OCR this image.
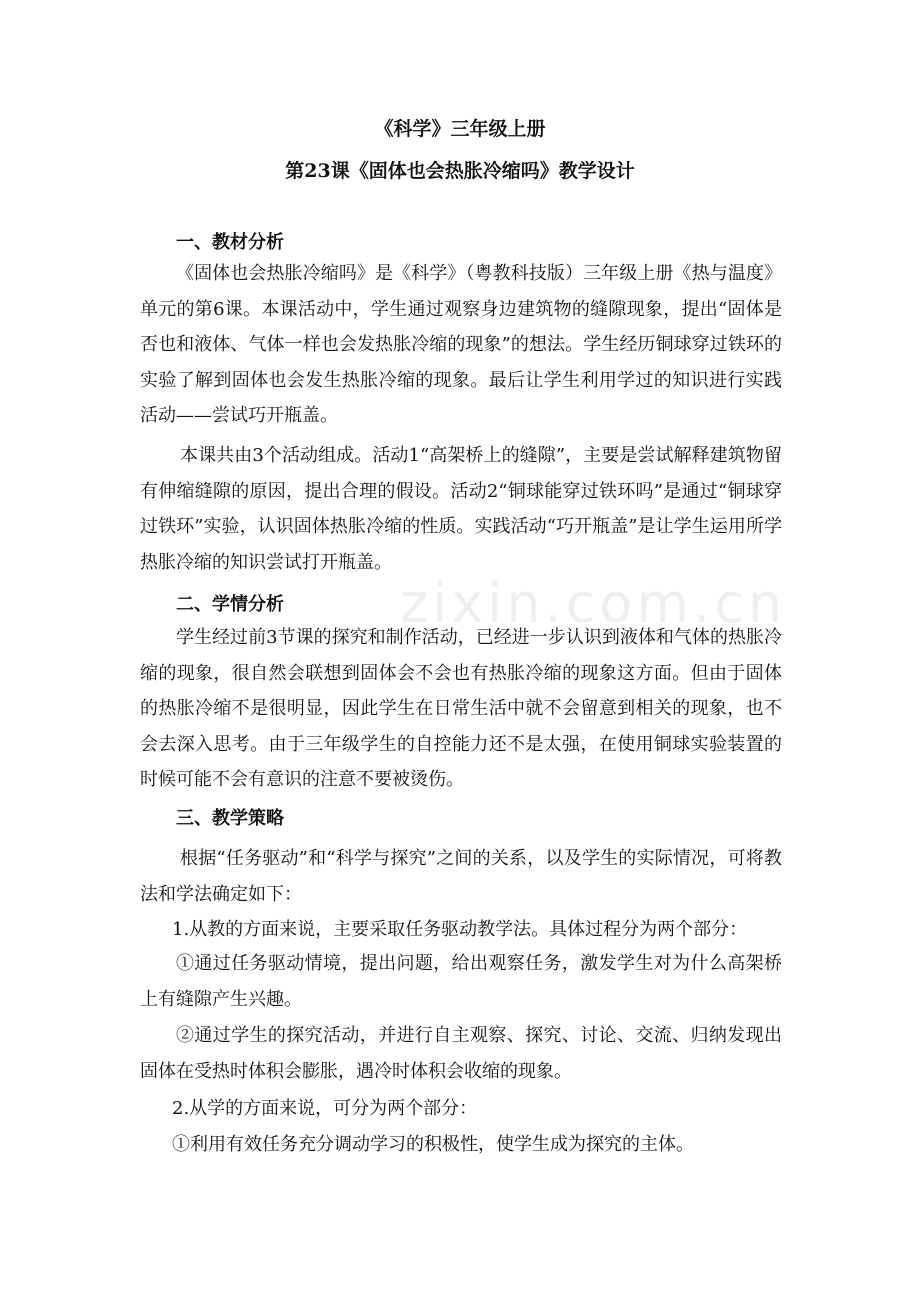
zixin.com.cn
《科学》三年级上册
第23课《固体也会热胀冷缩吗》教学设计
一、教材分析

《固体也会热胀冷缩吗》是《科学》（粤教科技版）三年级上册《热与温度》单元的第6课。本课活动中，学生通过观察身边建筑物的缝隙现象，提出“固体是否也和液体、气体一样也会发热胀冷缩的现象”的想法。学生经历铜球穿过铁环的实验了解到固体也会发生热胀冷缩的现象。最后让学生利用学过的知识进行实践活动——尝试巧开瓶盖。

本课共由3个活动组成。活动1“高架桥上的缝隙”，主要是尝试解释建筑物留有伸缩缝隙的原因，提出合理的假设。活动2“铜球能穿过铁环吗”是通过“铜球穿过铁环”实验，认识固体热胀冷缩的性质。实践活动“巧开瓶盖”是让学生运用所学热胀冷缩的知识尝试打开瓶盖。

二、学情分析

学生经过前3节课的探究和制作活动，已经进一步认识到液体和气体的热胀冷缩的现象，很自然会联想到固体会不会也有热胀冷缩的现象这方面。但由于固体的热胀冷缩不是很明显，因此学生在日常生活中就不会留意到相关的现象，也不会去深入思考。由于三年级学生的自控能力还不是太强，在使用铜球实验装置的时候可能不会有意识的注意不要被烫伤。

三、教学策略

根据“任务驱动”和“科学与探究”之间的关系，以及学生的实际情况，可将教法和学法确定如下：

1.从教的方面来说，主要采取任务驱动教学法。具体过程分为两个部分：

①通过任务驱动情境，提出问题，给出观察任务，激发学生对为什么高架桥上有缝隙产生兴趣。

②通过学生的探究活动，并进行自主观察、探究、讨论、交流、归纳发现出固体在受热时体积会膨胀，遇冷时体积会收缩的现象。

2.从学的方面来说，可分为两个部分：
①利用有效任务充分调动学习的积极性，使学生成为探究的主体。
